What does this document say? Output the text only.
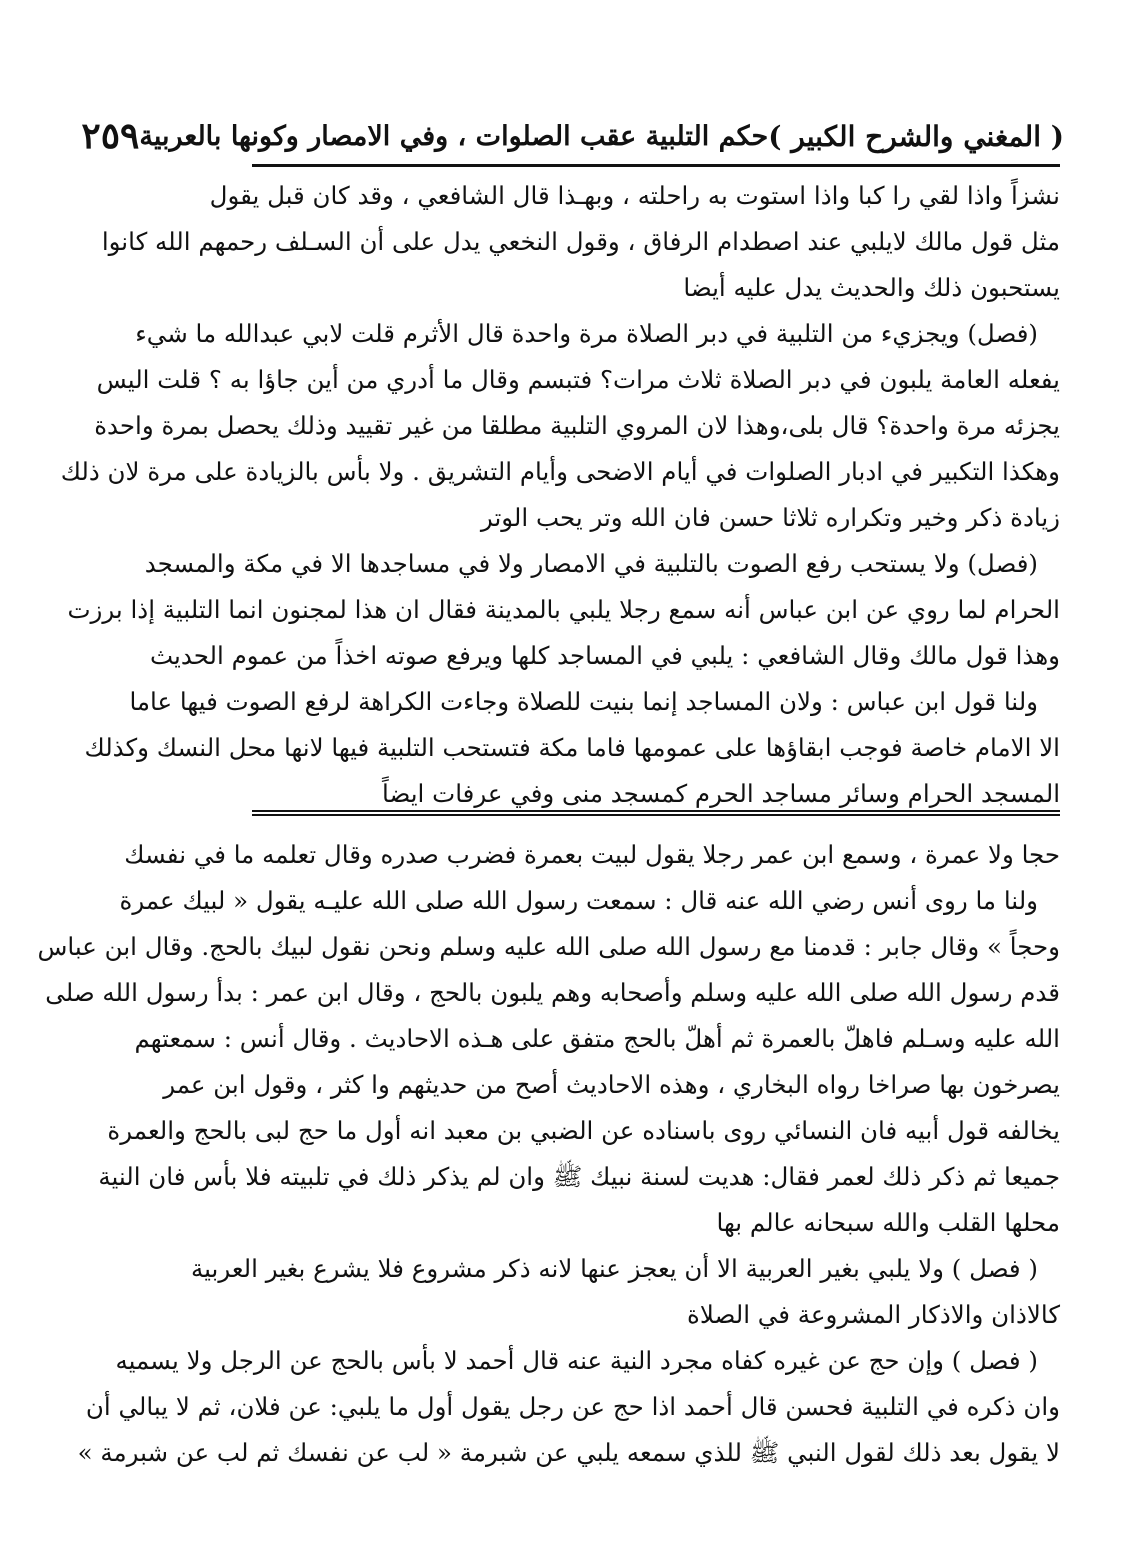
( المغني والشرح الكبير )
حكم التلبية عقب الصلوات ، وفي الامصار وكونها بالعربية
٢٥٩
نشزاً واذا لقي را كبا واذا استوت به راحلته ، وبهـذا قال الشافعي ، وقد كان قبل يقول
مثل قول مالك لايلبي عند اصطدام الرفاق ، وقول النخعي يدل على أن السـلف رحمهم الله كانوا
يستحبون ذلك والحديث يدل عليه أيضا
(فصل) ويجزيء من التلبية في دبر الصلاة مرة واحدة قال الأثرم قلت لابي عبدالله ما شيء
يفعله العامة يلبون في دبر الصلاة ثلاث مرات؟ فتبسم وقال ما أدري من أين جاؤا به ؟ قلت اليس
يجزئه مرة واحدة؟ قال بلى،وهذا لان المروي التلبية مطلقا من غير تقييد وذلك يحصل بمرة واحدة
وهكذا التكبير في ادبار الصلوات في أيام الاضحى وأيام التشريق . ولا بأس بالزيادة على مرة لان ذلك
زيادة ذكر وخير وتكراره ثلاثا حسن فان الله وتر يحب الوتر
(فصل) ولا يستحب رفع الصوت بالتلبية في الامصار ولا في مساجدها الا في مكة والمسجد
الحرام لما روي عن ابن عباس أنه سمع رجلا يلبي بالمدينة فقال ان هذا لمجنون انما التلبية إذا برزت
وهذا قول مالك وقال الشافعي : يلبي في المساجد كلها ويرفع صوته اخذاً من عموم الحديث
ولنا قول ابن عباس : ولان المساجد إنما بنيت للصلاة وجاءت الكراهة لرفع الصوت فيها عاما
الا الامام خاصة فوجب ابقاؤها على عمومها فاما مكة فتستحب التلبية فيها لانها محل النسك وكذلك
المسجد الحرام وسائر مساجد الحرم كمسجد منى وفي عرفات ايضاً
حجا ولا عمرة ، وسمع ابن عمر رجلا يقول لبيت بعمرة فضرب صدره وقال تعلمه ما في نفسك
ولنا ما روى أنس رضي الله عنه قال : سمعت رسول الله صلى الله عليـه يقول « لبيك عمرة
وحجاً » وقال جابر : قدمنا مع رسول الله صلى الله عليه وسلم ونحن نقول لبيك بالحج. وقال ابن عباس
قدم رسول الله صلى الله عليه وسلم وأصحابه وهم يلبون بالحج ، وقال ابن عمر : بدأ رسول الله صلى
الله عليه وسـلم فاهلّ بالعمرة ثم أهلّ بالحج متفق على هـذه الاحاديث . وقال أنس : سمعتهم
يصرخون بها صراخا رواه البخاري ، وهذه الاحاديث أصح من حديثهم وا كثر ، وقول ابن عمر
يخالفه قول أبيه فان النسائي روى باسناده عن الضبي بن معبد انه أول ما حج لبى بالحج والعمرة
جميعا ثم ذكر ذلك لعمر فقال: هديت لسنة نبيك ﷺ وان لم يذكر ذلك في تلبيته فلا بأس فان النية
محلها القلب والله سبحانه عالم بها
( فصل ) ولا يلبي بغير العربية الا أن يعجز عنها لانه ذكر مشروع فلا يشرع بغير العربية
كالاذان والاذكار المشروعة في الصلاة
( فصل ) وإن حج عن غيره كفاه مجرد النية عنه قال أحمد لا بأس بالحج عن الرجل ولا يسميه
وان ذكره في التلبية فحسن قال أحمد اذا حج عن رجل يقول أول ما يلبي: عن فلان، ثم لا يبالي أن
لا يقول بعد ذلك لقول النبي ﷺ للذي سمعه يلبي عن شبرمة « لب عن نفسك ثم لب عن شبرمة »
